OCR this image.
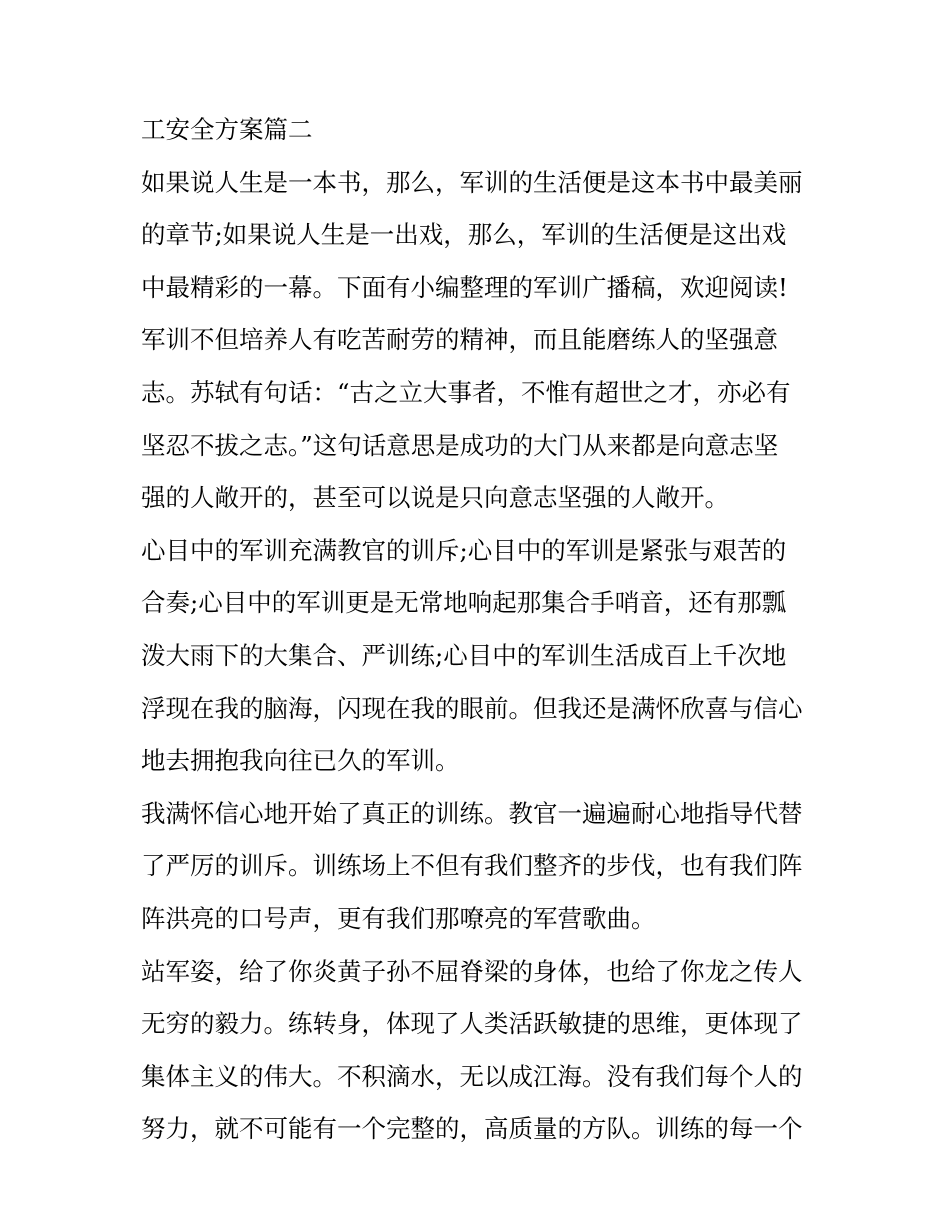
工安全方案篇二

如果说人生是一本书，那么，军训的生活便是这本书中最美丽
的章节;如果说人生是一出戏，那么，军训的生活便是这出戏
中最精彩的一幕。下面有小编整理的军训广播稿，欢迎阅读!

军训不但培养人有吃苦耐劳的精神，而且能磨练人的坚强意
志。苏轼有句话：“古之立大事者，不惟有超世之才，亦必有
坚忍不拔之志。”这句话意思是成功的大门从来都是向意志坚
强的人敞开的，甚至可以说是只向意志坚强的人敞开。

心目中的军训充满教官的训斥;心目中的军训是紧张与艰苦的
合奏;心目中的军训更是无常地响起那集合手哨音，还有那瓢
泼大雨下的大集合、严训练;心目中的军训生活成百上千次地
浮现在我的脑海，闪现在我的眼前。但我还是满怀欣喜与信心
地去拥抱我向往已久的军训。

我满怀信心地开始了真正的训练。教官一遍遍耐心地指导代替
了严厉的训斥。训练场上不但有我们整齐的步伐，也有我们阵
阵洪亮的口号声，更有我们那嘹亮的军营歌曲。

站军姿，给了你炎黄子孙不屈脊梁的身体，也给了你龙之传人
无穷的毅力。练转身，体现了人类活跃敏捷的思维，更体现了
集体主义的伟大。不积滴水，无以成江海。没有我们每个人的
努力，就不可能有一个完整的，高质量的方队。训练的每一个
